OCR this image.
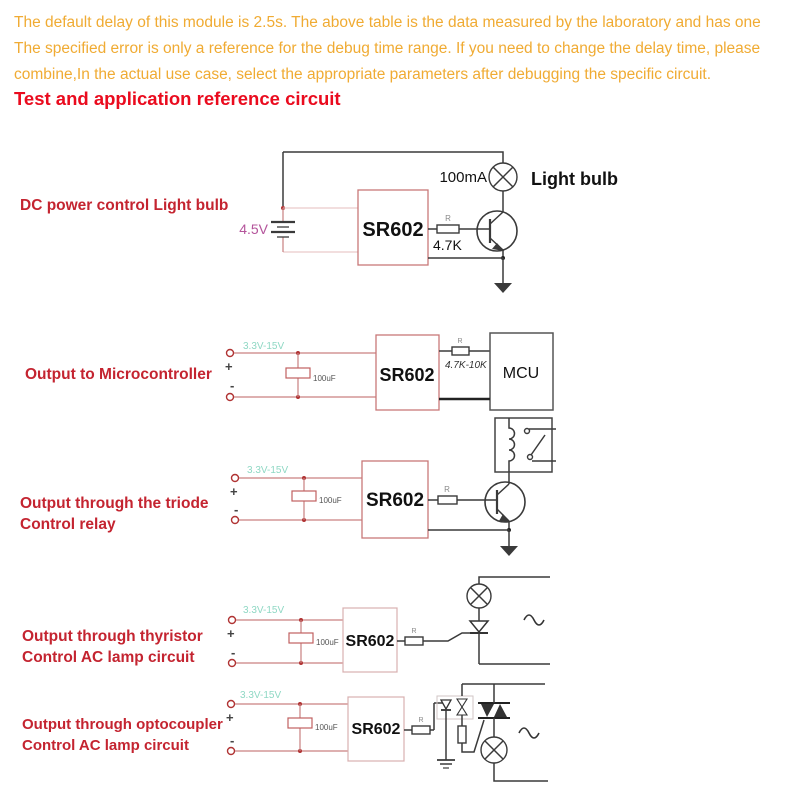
The default delay of this module is 2.5s. The above table is the data measured by the laboratory and has one
The specified error is only a reference for the debug time range. If you need to change the delay time, please
combine,In the actual use case, select the appropriate parameters after debugging the specific circuit.
Test and application reference circuit
DC power control Light bulb
Output to Microcontroller
Output through the triode
Control relay
Output through thyristor
Control AC lamp circuit
Output through optocoupler
Control AC lamp circuit
100mA Light bulb
4.5V	SR602
R
4.7K
3.3V-15V
+
-	100uF SR602
R
4.7K-10K MCU
3.3V-15V
+
-
100uF SR602
R
3.3V-15V
+
-
100uF SR602
R
3.3V-15V
+
-
100uF SR602
R
